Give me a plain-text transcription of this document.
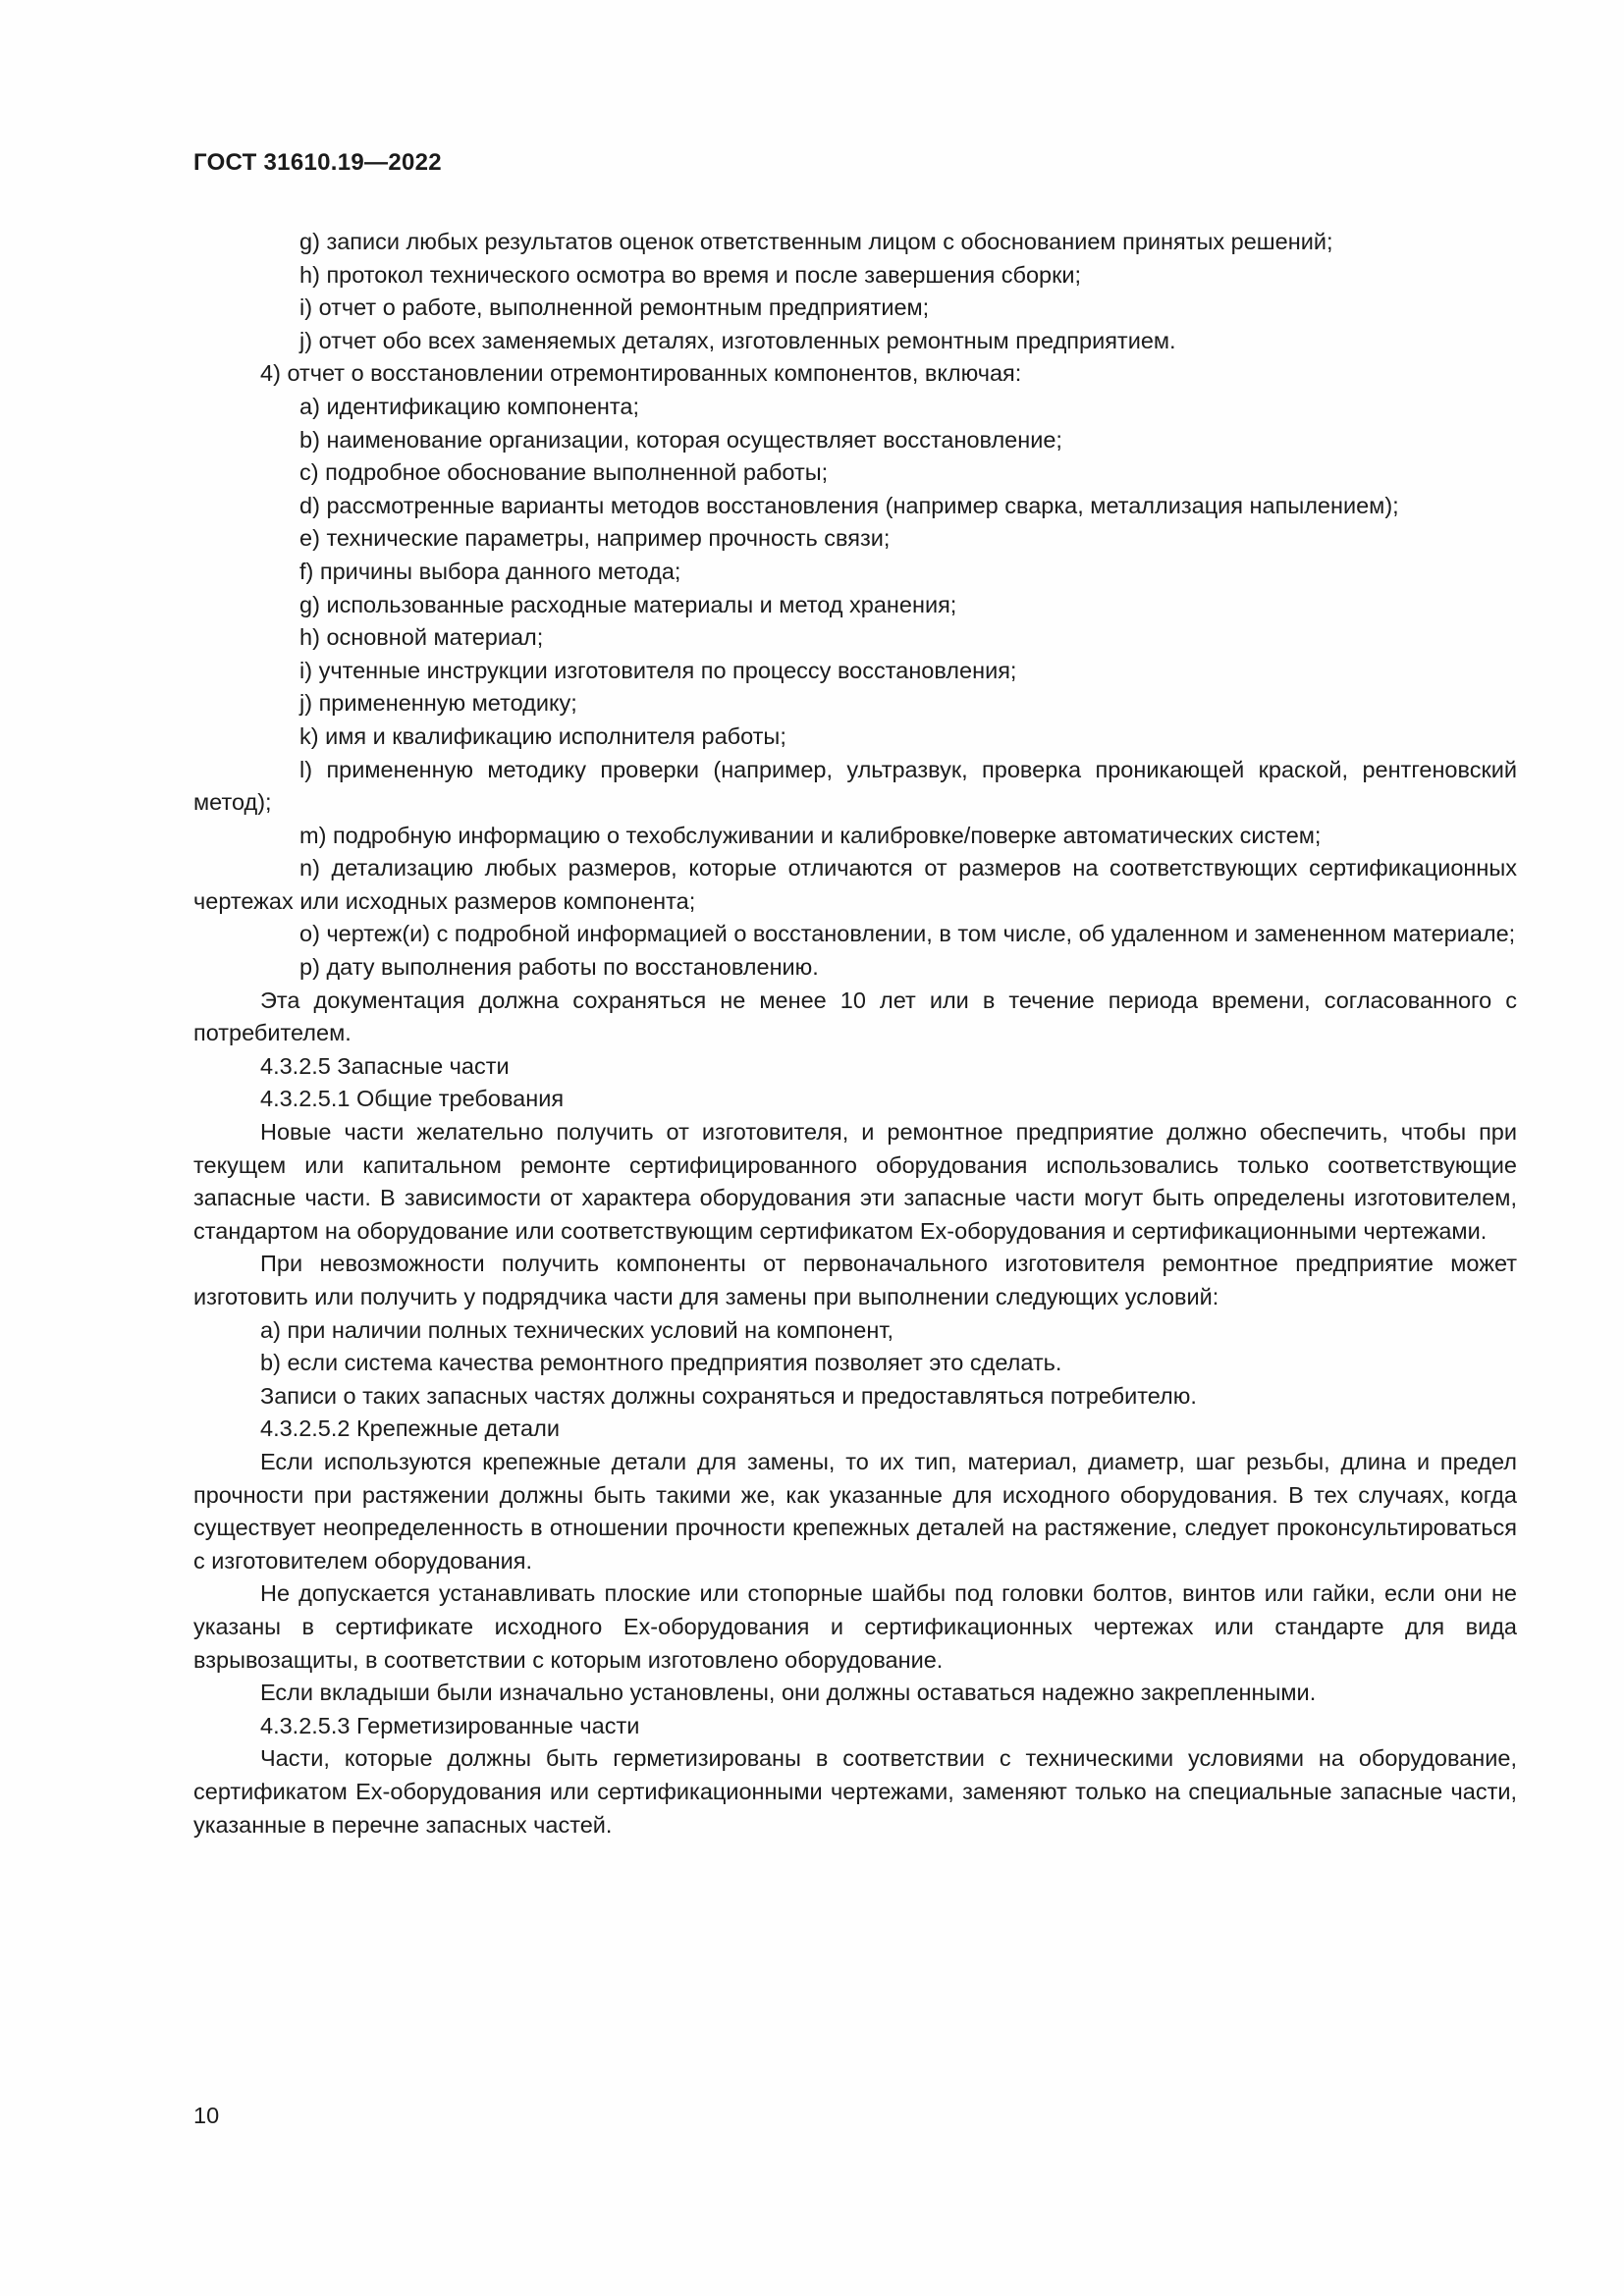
ГОСТ 31610.19—2022

g) записи любых результатов оценок ответственным лицом с обоснованием принятых решений;

h) протокол технического осмотра во время и после завершения сборки;

i) отчет о работе, выполненной ремонтным предприятием;

j) отчет обо всех заменяемых деталях, изготовленных ремонтным предприятием.

4) отчет о восстановлении отремонтированных компонентов, включая:

a) идентификацию компонента;

b) наименование организации, которая осуществляет восстановление;

c) подробное обоснование выполненной работы;

d) рассмотренные варианты методов восстановления (например сварка, металлизация напылением);

e) технические параметры, например прочность связи;

f) причины выбора данного метода;

g) использованные расходные материалы и метод хранения;

h) основной материал;

i) учтенные инструкции изготовителя по процессу восстановления;

j) примененную методику;

k) имя и квалификацию исполнителя работы;

l) примененную методику проверки (например, ультразвук, проверка проникающей краской, рентгеновский метод);

m) подробную информацию о техобслуживании и калибровке/поверке автоматических систем;

n) детализацию любых размеров, которые отличаются от размеров на соответствующих сертификационных чертежах или исходных размеров компонента;

o) чертеж(и) с подробной информацией о восстановлении, в том числе, об удаленном и замененном материале;

p) дату выполнения работы по восстановлению.

Эта документация должна сохраняться не менее 10 лет или в течение периода времени, согласованного с потребителем.

4.3.2.5 Запасные части

4.3.2.5.1 Общие требования

Новые части желательно получить от изготовителя, и ремонтное предприятие должно обеспечить, чтобы при текущем или капитальном ремонте сертифицированного оборудования использовались только соответствующие запасные части. В зависимости от характера оборудования эти запасные части могут быть определены изготовителем, стандартом на оборудование или соответствующим сертификатом Ex-оборудования и сертификационными чертежами.

При невозможности получить компоненты от первоначального изготовителя ремонтное предприятие может изготовить или получить у подрядчика части для замены при выполнении следующих условий:

a) при наличии полных технических условий на компонент,

b) если система качества ремонтного предприятия позволяет это сделать.

Записи о таких запасных частях должны сохраняться и предоставляться потребителю.

4.3.2.5.2 Крепежные детали

Если используются крепежные детали для замены, то их тип, материал, диаметр, шаг резьбы, длина и предел прочности при растяжении должны быть такими же, как указанные для исходного оборудования. В тех случаях, когда существует неопределенность в отношении прочности крепежных деталей на растяжение, следует проконсультироваться с изготовителем оборудования.

Не допускается устанавливать плоские или стопорные шайбы под головки болтов, винтов или гайки, если они не указаны в сертификате исходного Ex-оборудования и сертификационных чертежах или стандарте для вида взрывозащиты, в соответствии с которым изготовлено оборудование.

Если вкладыши были изначально установлены, они должны оставаться надежно закрепленными.

4.3.2.5.3 Герметизированные части

Части, которые должны быть герметизированы в соответствии с техническими условиями на оборудование, сертификатом Ex-оборудования или сертификационными чертежами, заменяют только на специальные запасные части, указанные в перечне запасных частей.

10
